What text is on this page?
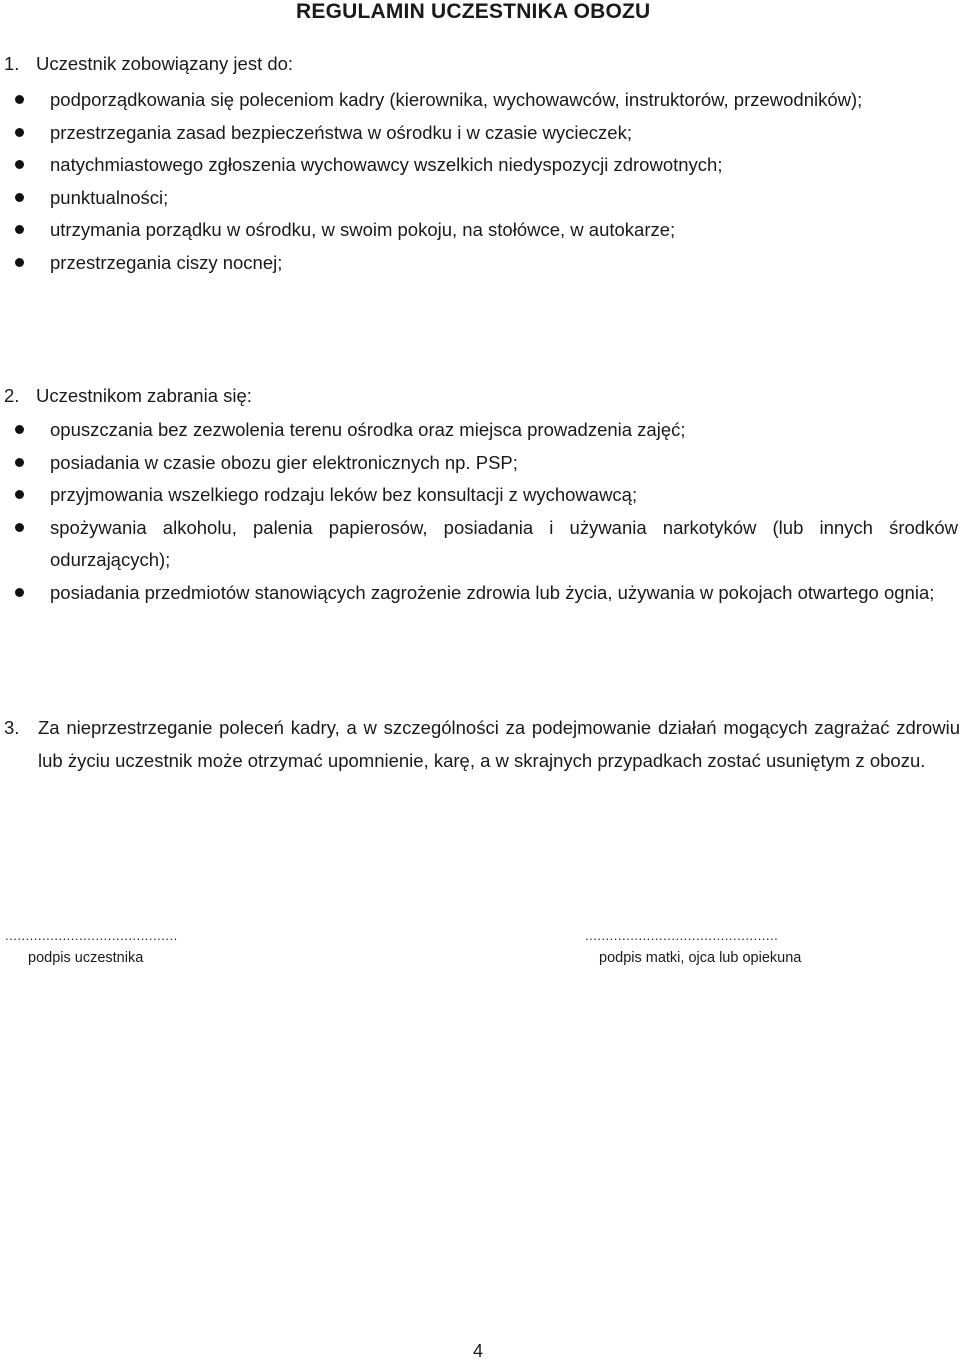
REGULAMIN UCZESTNIKA OBOZU
1. Uczestnik zobowiązany jest do:
podporządkowania się poleceniom kadry (kierownika, wychowawców, instruktorów, przewodników);
przestrzegania zasad bezpieczeństwa w ośrodku i w czasie wycieczek;
natychmiastowego zgłoszenia wychowawcy wszelkich niedyspozycji zdrowotnych;
punktualności;
utrzymania porządku w ośrodku, w swoim pokoju, na stołówce, w autokarze;
przestrzegania ciszy nocnej;
2. Uczestnikom zabrania się:
opuszczania bez zezwolenia terenu ośrodka oraz miejsca prowadzenia zajęć;
posiadania w czasie obozu gier elektronicznych np. PSP;
przyjmowania wszelkiego rodzaju leków bez konsultacji z wychowawcą;
spożywania alkoholu, palenia papierosów, posiadania i używania narkotyków (lub innych środków odurzających);
posiadania przedmiotów stanowiących zagrożenie zdrowia lub życia, używania w pokojach otwartego ognia;
3. Za nieprzestrzeganie poleceń kadry, a w szczególności za podejmowanie działań mogących zagrażać zdrowiu lub życiu uczestnik może otrzymać upomnienie, karę, a w skrajnych przypadkach zostać usuniętym z obozu.
..........................................
podpis uczestnika
...............................................
podpis matki, ojca lub opiekuna
4
